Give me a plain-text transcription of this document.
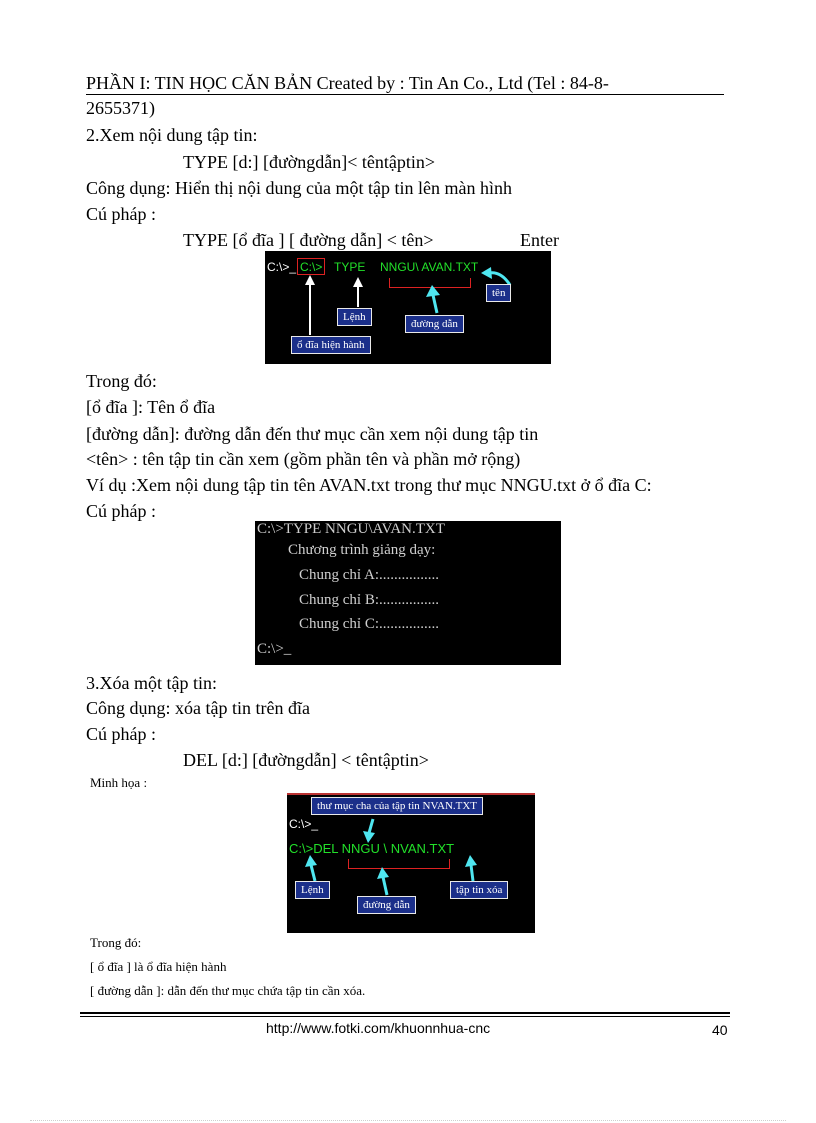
PHẦN I: TIN HỌC CĂN BẢN Created by : Tin An Co., Ltd (Tel : 84-8-
2655371)
2.Xem nội dung tập tin:
TYPE [d:] [đườngdẫn]< têntậptin>
Công dụng: Hiển thị nội dung của một tập tin lên màn hình
Cú pháp :
TYPE [ổ đĩa ] [ đường dẫn] < tên>	Enter
C:\>_ C:\> TYPE NNGU\ AVAN.TXT
tên
Lệnh
đường dẫn
ổ đĩa hiện hành
Trong đó:
[ổ đĩa ]: Tên ổ đĩa
[đường dẫn]: đường dẫn đến thư mục cần xem nội dung tập tin
<tên> : tên tập tin cần xem (gồm phần tên và phần mở rộng)
Ví dụ :Xem nội dung tập tin tên AVAN.txt trong thư mục NNGU.txt ở ổ đĩa C:
Cú pháp :
C:\>TYPE NNGU\AVAN.TXT
Chương trình giảng dạy:
Chung chỉ A:................
Chung chỉ B:................
Chung chỉ C:................
C:\>_
3.Xóa một tập tin:
Công dụng: xóa tập tin trên đĩa
Cú pháp :
DEL [d:] [đườngdẫn] < têntậptin>
Minh họa :
thư mục cha của tập tin NVAN.TXT
C:\>_
C:\>DEL NNGU \ NVAN.TXT
Lệnh
đường dẫn
tập tin xóa
Trong đó:
[ ổ đĩa ] là ổ đĩa hiện hành
[ đường dẫn ]: dẫn đến thư mục chứa tập tin cần xóa.
http://www.fotki.com/khuonnhua-cnc	40
